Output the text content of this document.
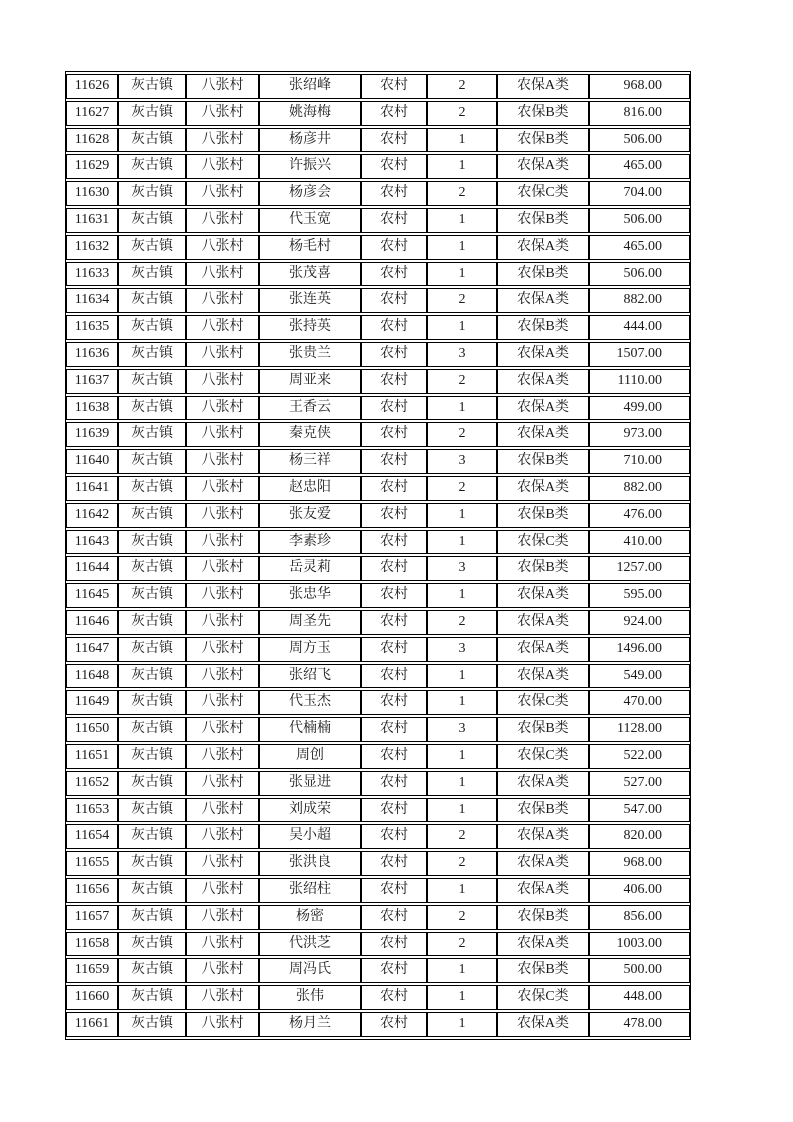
11626	灰古镇	八张村	张绍峰	农村	2	农保A类	968.00
11627	灰古镇	八张村	姚海梅	农村	2	农保B类	816.00
11628	灰古镇	八张村	杨彦井	农村	1	农保B类	506.00
11629	灰古镇	八张村	许振兴	农村	1	农保A类	465.00
11630	灰古镇	八张村	杨彦会	农村	2	农保C类	704.00
11631	灰古镇	八张村	代玉宽	农村	1	农保B类	506.00
11632	灰古镇	八张村	杨毛村	农村	1	农保A类	465.00
11633	灰古镇	八张村	张茂喜	农村	1	农保B类	506.00
11634	灰古镇	八张村	张连英	农村	2	农保A类	882.00
11635	灰古镇	八张村	张持英	农村	1	农保B类	444.00
11636	灰古镇	八张村	张贵兰	农村	3	农保A类	1507.00
11637	灰古镇	八张村	周亚来	农村	2	农保A类	1110.00
11638	灰古镇	八张村	王香云	农村	1	农保A类	499.00
11639	灰古镇	八张村	秦克侠	农村	2	农保A类	973.00
11640	灰古镇	八张村	杨三祥	农村	3	农保B类	710.00
11641	灰古镇	八张村	赵忠阳	农村	2	农保A类	882.00
11642	灰古镇	八张村	张友爱	农村	1	农保B类	476.00
11643	灰古镇	八张村	李素珍	农村	1	农保C类	410.00
11644	灰古镇	八张村	岳灵莉	农村	3	农保B类	1257.00
11645	灰古镇	八张村	张忠华	农村	1	农保A类	595.00
11646	灰古镇	八张村	周圣先	农村	2	农保A类	924.00
11647	灰古镇	八张村	周方玉	农村	3	农保A类	1496.00
11648	灰古镇	八张村	张绍飞	农村	1	农保A类	549.00
11649	灰古镇	八张村	代玉杰	农村	1	农保C类	470.00
11650	灰古镇	八张村	代楠楠	农村	3	农保B类	1128.00
11651	灰古镇	八张村	周创	农村	1	农保C类	522.00
11652	灰古镇	八张村	张显进	农村	1	农保A类	527.00
11653	灰古镇	八张村	刘成荣	农村	1	农保B类	547.00
11654	灰古镇	八张村	吴小超	农村	2	农保A类	820.00
11655	灰古镇	八张村	张洪良	农村	2	农保A类	968.00
11656	灰古镇	八张村	张绍柱	农村	1	农保A类	406.00
11657	灰古镇	八张村	杨密	农村	2	农保B类	856.00
11658	灰古镇	八张村	代洪芝	农村	2	农保A类	1003.00
11659	灰古镇	八张村	周冯氏	农村	1	农保B类	500.00
11660	灰古镇	八张村	张伟	农村	1	农保C类	448.00
11661	灰古镇	八张村	杨月兰	农村	1	农保A类	478.00
